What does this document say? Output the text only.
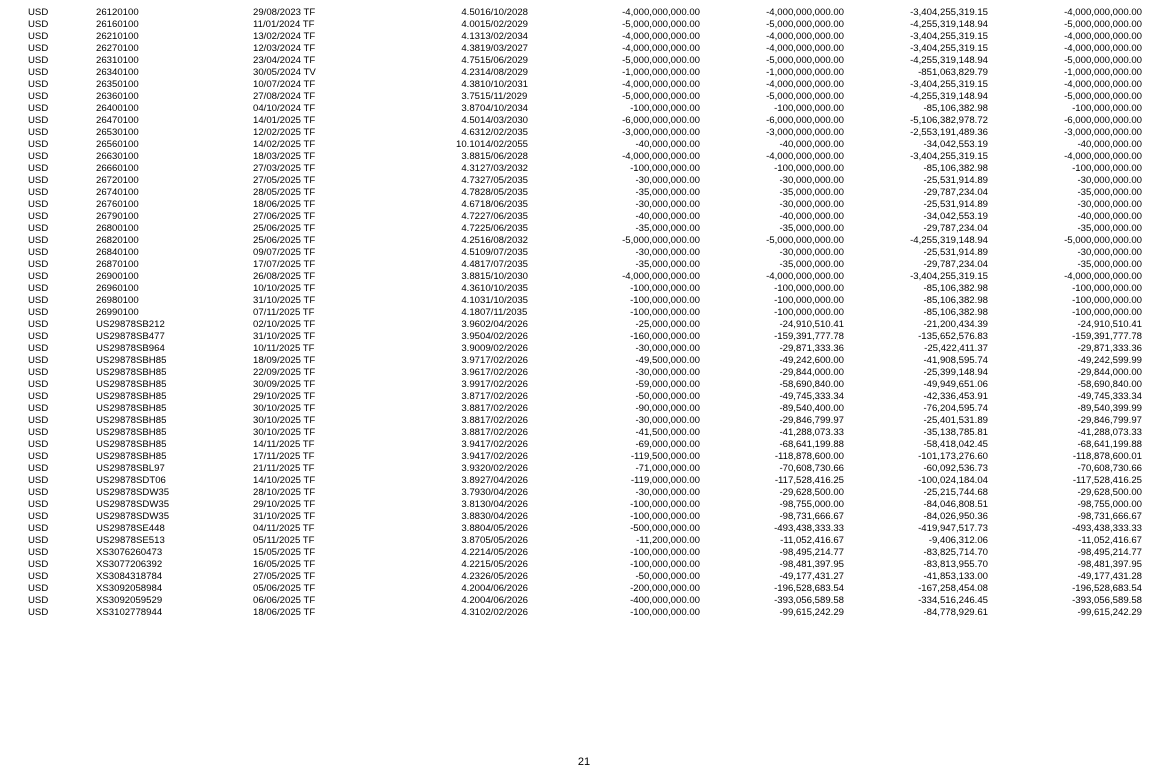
USD	26120100	29/08/2023 TF	4.50	16/10/2028	-4,000,000,000.00	-4,000,000,000.00	-3,404,255,319.15	-4,000,000,000.00
USD	26160100	11/01/2024 TF	4.00	15/02/2029	-5,000,000,000.00	-5,000,000,000.00	-4,255,319,148.94	-5,000,000,000.00
USD	26210100	13/02/2024 TF	4.13	13/02/2034	-4,000,000,000.00	-4,000,000,000.00	-3,404,255,319.15	-4,000,000,000.00
USD	26270100	12/03/2024 TF	4.38	19/03/2027	-4,000,000,000.00	-4,000,000,000.00	-3,404,255,319.15	-4,000,000,000.00
USD	26310100	23/04/2024 TF	4.75	15/06/2029	-5,000,000,000.00	-5,000,000,000.00	-4,255,319,148.94	-5,000,000,000.00
USD	26340100	30/05/2024 TV	4.23	14/08/2029	-1,000,000,000.00	-1,000,000,000.00	-851,063,829.79	-1,000,000,000.00
USD	26350100	10/07/2024 TF	4.38	10/10/2031	-4,000,000,000.00	-4,000,000,000.00	-3,404,255,319.15	-4,000,000,000.00
USD	26360100	27/08/2024 TF	3.75	15/11/2029	-5,000,000,000.00	-5,000,000,000.00	-4,255,319,148.94	-5,000,000,000.00
USD	26400100	04/10/2024 TF	3.87	04/10/2034	-100,000,000.00	-100,000,000.00	-85,106,382.98	-100,000,000.00
USD	26470100	14/01/2025 TF	4.50	14/03/2030	-6,000,000,000.00	-6,000,000,000.00	-5,106,382,978.72	-6,000,000,000.00
USD	26530100	12/02/2025 TF	4.63	12/02/2035	-3,000,000,000.00	-3,000,000,000.00	-2,553,191,489.36	-3,000,000,000.00
USD	26560100	14/02/2025 TF	10.10	14/02/2055	-40,000,000.00	-40,000,000.00	-34,042,553.19	-40,000,000.00
USD	26630100	18/03/2025 TF	3.88	15/06/2028	-4,000,000,000.00	-4,000,000,000.00	-3,404,255,319.15	-4,000,000,000.00
USD	26660100	27/03/2025 TF	4.31	27/03/2032	-100,000,000.00	-100,000,000.00	-85,106,382.98	-100,000,000.00
USD	26720100	27/05/2025 TF	4.73	27/05/2035	-30,000,000.00	-30,000,000.00	-25,531,914.89	-30,000,000.00
USD	26740100	28/05/2025 TF	4.78	28/05/2035	-35,000,000.00	-35,000,000.00	-29,787,234.04	-35,000,000.00
USD	26760100	18/06/2025 TF	4.67	18/06/2035	-30,000,000.00	-30,000,000.00	-25,531,914.89	-30,000,000.00
USD	26790100	27/06/2025 TF	4.72	27/06/2035	-40,000,000.00	-40,000,000.00	-34,042,553.19	-40,000,000.00
USD	26800100	25/06/2025 TF	4.72	25/06/2035	-35,000,000.00	-35,000,000.00	-29,787,234.04	-35,000,000.00
USD	26820100	25/06/2025 TF	4.25	16/08/2032	-5,000,000,000.00	-5,000,000,000.00	-4,255,319,148.94	-5,000,000,000.00
USD	26840100	09/07/2025 TF	4.51	09/07/2035	-30,000,000.00	-30,000,000.00	-25,531,914.89	-30,000,000.00
USD	26870100	17/07/2025 TF	4.48	17/07/2035	-35,000,000.00	-35,000,000.00	-29,787,234.04	-35,000,000.00
USD	26900100	26/08/2025 TF	3.88	15/10/2030	-4,000,000,000.00	-4,000,000,000.00	-3,404,255,319.15	-4,000,000,000.00
USD	26960100	10/10/2025 TF	4.36	10/10/2035	-100,000,000.00	-100,000,000.00	-85,106,382.98	-100,000,000.00
USD	26980100	31/10/2025 TF	4.10	31/10/2035	-100,000,000.00	-100,000,000.00	-85,106,382.98	-100,000,000.00
USD	26990100	07/11/2025 TF	4.18	07/11/2035	-100,000,000.00	-100,000,000.00	-85,106,382.98	-100,000,000.00
USD	US29878SB212	02/10/2025 TF	3.96	02/04/2026	-25,000,000.00	-24,910,510.41	-21,200,434.39	-24,910,510.41
USD	US29878SB477	31/10/2025 TF	3.95	04/02/2026	-160,000,000.00	-159,391,777.78	-135,652,576.83	-159,391,777.78
USD	US29878SB964	10/11/2025 TF	3.90	09/02/2026	-30,000,000.00	-29,871,333.36	-25,422,411.37	-29,871,333.36
USD	US29878SBH85	18/09/2025 TF	3.97	17/02/2026	-49,500,000.00	-49,242,600.00	-41,908,595.74	-49,242,599.99
USD	US29878SBH85	22/09/2025 TF	3.96	17/02/2026	-30,000,000.00	-29,844,000.00	-25,399,148.94	-29,844,000.00
USD	US29878SBH85	30/09/2025 TF	3.99	17/02/2026	-59,000,000.00	-58,690,840.00	-49,949,651.06	-58,690,840.00
USD	US29878SBH85	29/10/2025 TF	3.87	17/02/2026	-50,000,000.00	-49,745,333.34	-42,336,453.91	-49,745,333.34
USD	US29878SBH85	30/10/2025 TF	3.88	17/02/2026	-90,000,000.00	-89,540,400.00	-76,204,595.74	-89,540,399.99
USD	US29878SBH85	30/10/2025 TF	3.88	17/02/2026	-30,000,000.00	-29,846,799.97	-25,401,531.89	-29,846,799.97
USD	US29878SBH85	30/10/2025 TF	3.88	17/02/2026	-41,500,000.00	-41,288,073.33	-35,138,785.81	-41,288,073.33
USD	US29878SBH85	14/11/2025 TF	3.94	17/02/2026	-69,000,000.00	-68,641,199.88	-58,418,042.45	-68,641,199.88
USD	US29878SBH85	17/11/2025 TF	3.94	17/02/2026	-119,500,000.00	-118,878,600.00	-101,173,276.60	-118,878,600.01
USD	US29878SBL97	21/11/2025 TF	3.93	20/02/2026	-71,000,000.00	-70,608,730.66	-60,092,536.73	-70,608,730.66
USD	US29878SDT06	14/10/2025 TF	3.89	27/04/2026	-119,000,000.00	-117,528,416.25	-100,024,184.04	-117,528,416.25
USD	US29878SDW35	28/10/2025 TF	3.79	30/04/2026	-30,000,000.00	-29,628,500.00	-25,215,744.68	-29,628,500.00
USD	US29878SDW35	29/10/2025 TF	3.81	30/04/2026	-100,000,000.00	-98,755,000.00	-84,046,808.51	-98,755,000.00
USD	US29878SDW35	31/10/2025 TF	3.88	30/04/2026	-100,000,000.00	-98,731,666.67	-84,026,950.36	-98,731,666.67
USD	US29878SE448	04/11/2025 TF	3.88	04/05/2026	-500,000,000.00	-493,438,333.33	-419,947,517.73	-493,438,333.33
USD	US29878SE513	05/11/2025 TF	3.87	05/05/2026	-11,200,000.00	-11,052,416.67	-9,406,312.06	-11,052,416.67
USD	XS3076260473	15/05/2025 TF	4.22	14/05/2026	-100,000,000.00	-98,495,214.77	-83,825,714.70	-98,495,214.77
USD	XS3077206392	16/05/2025 TF	4.22	15/05/2026	-100,000,000.00	-98,481,397.95	-83,813,955.70	-98,481,397.95
USD	XS3084318784	27/05/2025 TF	4.23	26/05/2026	-50,000,000.00	-49,177,431.27	-41,853,133.00	-49,177,431.28
USD	XS3092058984	05/06/2025 TF	4.20	04/06/2026	-200,000,000.00	-196,528,683.54	-167,258,454.08	-196,528,683.54
USD	XS3092059529	06/06/2025 TF	4.20	04/06/2026	-400,000,000.00	-393,056,589.58	-334,516,246.45	-393,056,589.58
USD	XS3102778944	18/06/2025 TF	4.31	02/02/2026	-100,000,000.00	-99,615,242.29	-84,778,929.61	-99,615,242.29
21
